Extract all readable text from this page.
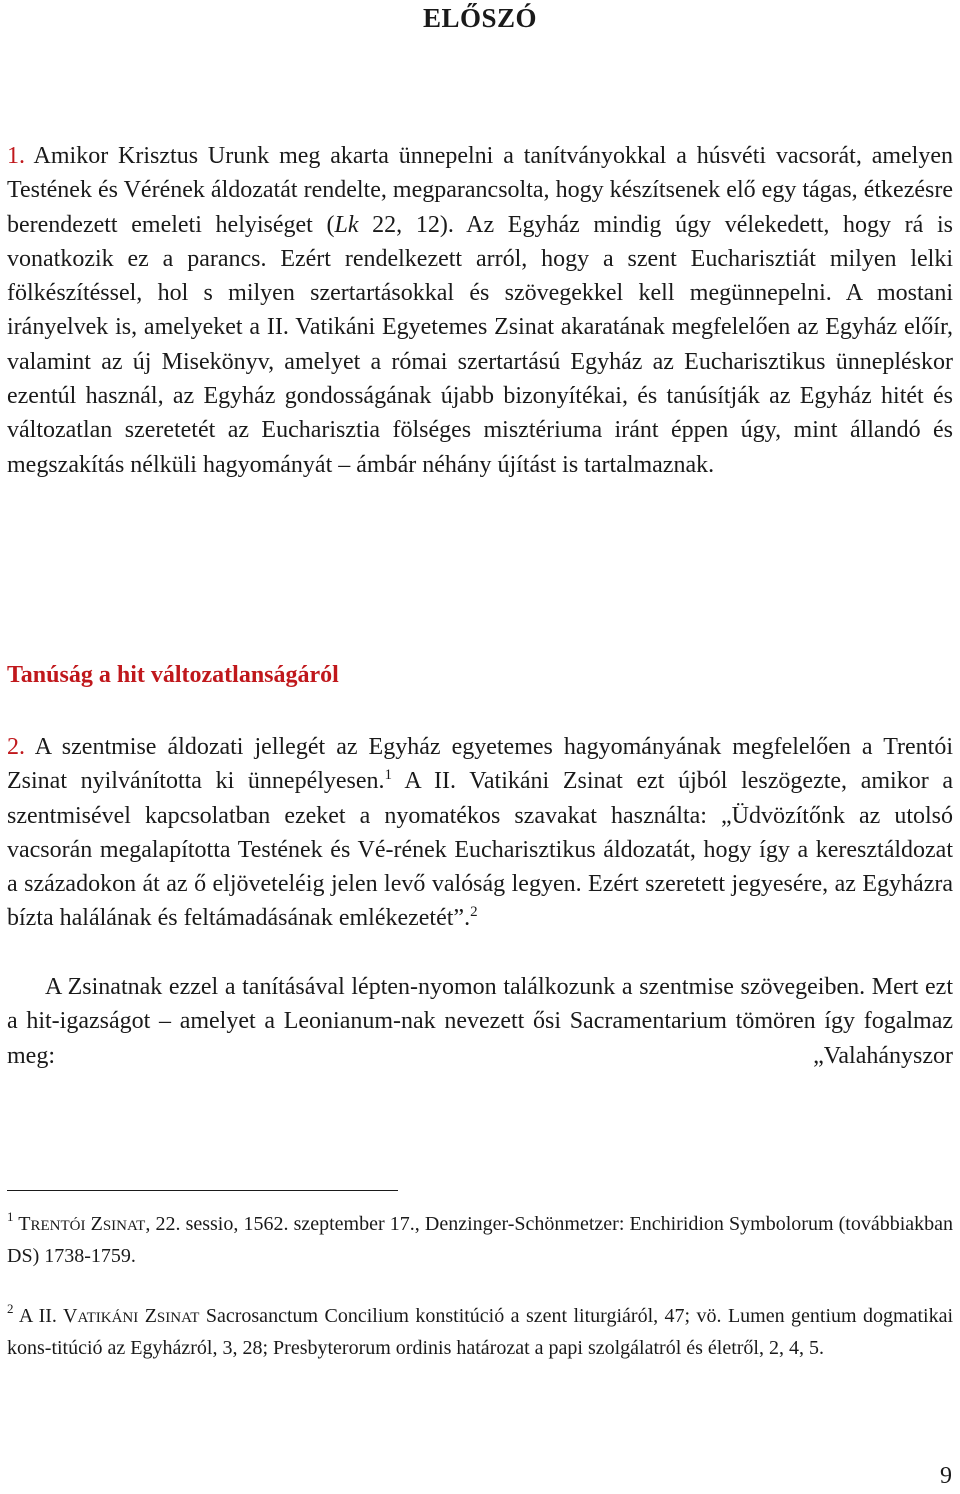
ELŐSZÓ

1. Amikor Krisztus Urunk meg akarta ünnepelni a tanítványokkal a húsvéti vacsorát, amelyen Testének és Vérének áldozatát rendelte, megparancsolta, hogy készítsenek elő egy tágas, étkezésre berendezett emeleti helyiséget (Lk 22, 12). Az Egyház mindig úgy vélekedett, hogy rá is vonatkozik ez a parancs. Ezért rendelkezett arról, hogy a szent Eucharisztiát milyen lelki fölkészítéssel, hol s milyen szertartásokkal és szövegekkel kell megünnepelni. A mostani irányelvek is, amelyeket a II. Vatikáni Egyetemes Zsinat akaratának megfelelően az Egyház előír, valamint az új Misekönyv, amelyet a római szertartású Egyház az Eucharisztikus ünnepléskor ezentúl használ, az Egyház gondosságának újabb bizonyítékai, és tanúsítják az Egyház hitét és változatlan szeretetét az Eucharisztia fölséges misztériuma iránt éppen úgy, mint állandó és megszakítás nélküli hagyományát – ámbár néhány újítást is tartalmaznak.

Tanúság a hit változatlanságáról

2. A szentmise áldozati jellegét az Egyház egyetemes hagyományának megfelelően a Trentói Zsinat nyilvánította ki ünnepélyesen.$^1$ A II. Vatikáni Zsinat ezt újból leszögezte, amikor a szentmisével kapcsolatban ezeket a nyomatékos szavakat használta: „Üdvözítőnk az utolsó vacsorán megalapította Testének és Vé-rének Eucharisztikus áldozatát, hogy így a keresztáldozat a századokon át az ő eljöveteléig jelen levő valóság legyen. Ezért szeretett jegyesére, az Egyházra bízta halálának és feltámadásának emlékezetét”.$^2$

A Zsinatnak ezzel a tanításával lépten-nyomon találkozunk a szentmise szövegeiben. Mert ezt a hit-igazságot – amelyet a Leonianum-nak nevezett ősi Sacramentarium tömören így fogalmaz meg: „Valahányszor

$^1$ TRENTÓI ZSINAT, 22. sessio, 1562. szeptember 17., Denzinger-Schönmetzer: Enchiridion Symbolorum (továbbiakban DS) 1738-1759.

$^2$ A II. VATIKÁNI ZSINAT Sacrosanctum Concilium konstitúció a szent liturgiáról, 47; vö. Lumen gentium dogmatikai kons-titúció az Egyházról, 3, 28; Presbyterorum ordinis határozat a papi szolgálatról és életről, 2, 4, 5.

9
